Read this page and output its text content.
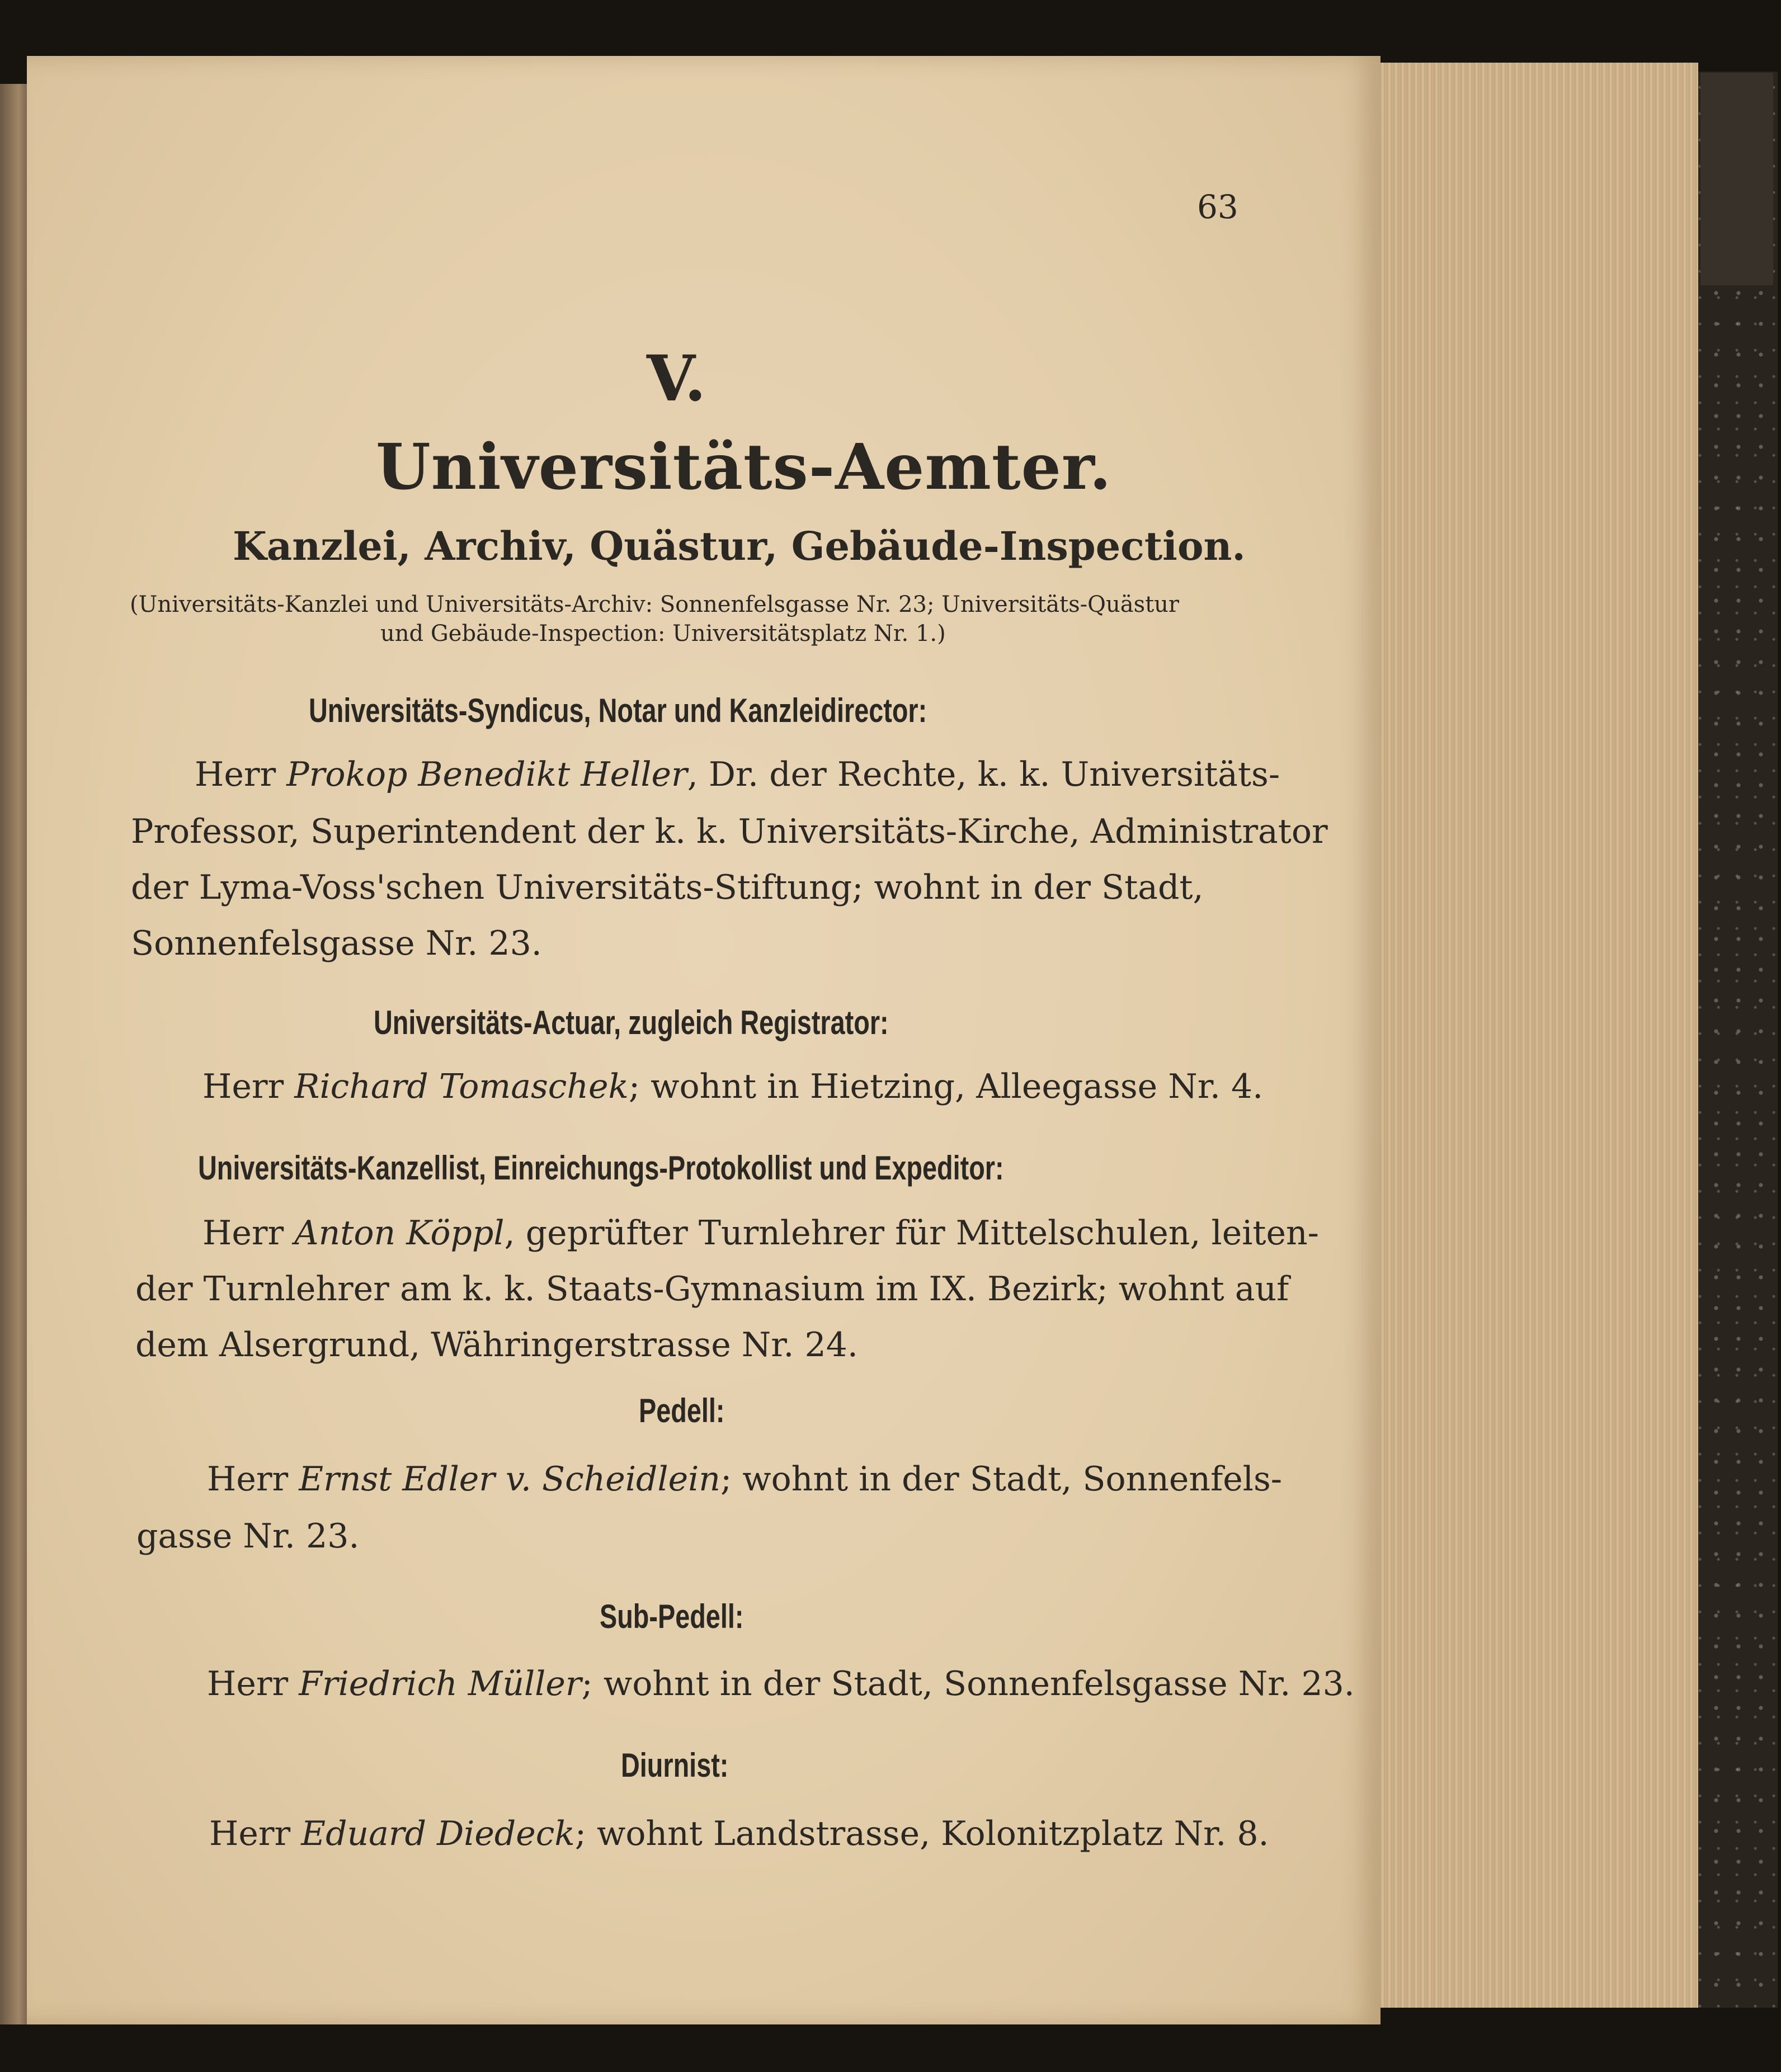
63
V.
Universitäts-Aemter.
Kanzlei, Archiv, Quästur, Gebäude-Inspection.
(Universitäts-Kanzlei und Universitäts-Archiv: Sonnenfelsgasse Nr. 23; Universitäts-Quästur
und Gebäude-Inspection: Universitätsplatz Nr. 1.)
Universitäts-Syndicus, Notar und Kanzleidirector:
Herr Prokop Benedikt Heller, Dr. der Rechte, k. k. Universitäts-
Professor, Superintendent der k. k. Universitäts-Kirche, Administrator
der Lyma-Voss'schen Universitäts-Stiftung; wohnt in der Stadt,
Sonnenfelsgasse Nr. 23.
Universitäts-Actuar, zugleich Registrator:
Herr Richard Tomaschek; wohnt in Hietzing, Alleegasse Nr. 4.
Universitäts-Kanzellist, Einreichungs-Protokollist und Expeditor:
Herr Anton Köppl, geprüfter Turnlehrer für Mittelschulen, leiten-
der Turnlehrer am k. k. Staats-Gymnasium im IX. Bezirk; wohnt auf
dem Alsergrund, Währingerstrasse Nr. 24.
Pedell:
Herr Ernst Edler v. Scheidlein; wohnt in der Stadt, Sonnenfels-
gasse Nr. 23.
Sub-Pedell:
Herr Friedrich Müller; wohnt in der Stadt, Sonnenfelsgasse Nr. 23.
Diurnist:
Herr Eduard Diedeck; wohnt Landstrasse, Kolonitzplatz Nr. 8.
